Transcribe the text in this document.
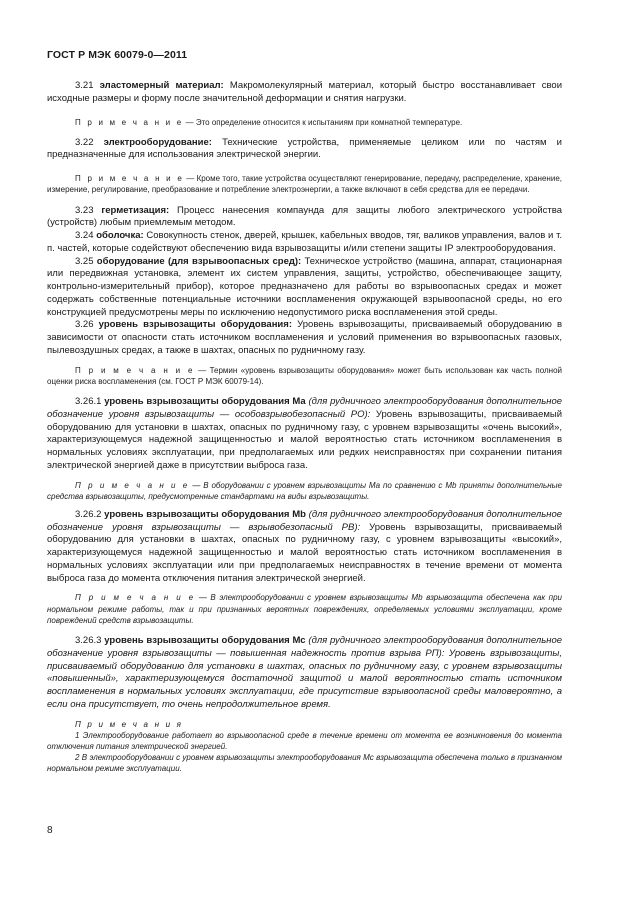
ГОСТ Р МЭК 60079-0—2011

3.21 эластомерный материал: Макромолекулярный материал, который быстро восстанавливает свои исходные размеры и форму после значительной деформации и снятия нагрузки.

П р и м е ч а н и е — Это определение относится к испытаниям при комнатной температуре.

3.22 электрооборудование: Технические устройства, применяемые целиком или по частям и предназначенные для использования электрической энергии.

П р и м е ч а н и е — Кроме того, такие устройства осуществляют генерирование, передачу, распределение, хранение, измерение, регулирование, преобразование и потребление электроэнергии, а также включают в себя средства для ее передачи.

3.23 герметизация: Процесс нанесения компаунда для защиты любого электрического устройства (устройств) любым приемлемым методом.

3.24 оболочка: Совокупность стенок, дверей, крышек, кабельных вводов, тяг, валиков управления, валов и т. п. частей, которые содействуют обеспечению вида взрывозащиты и/или степени защиты IP электрооборудования.

3.25 оборудование (для взрывоопасных сред): Техническое устройство (машина, аппарат, стационарная или передвижная установка, элемент их систем управления, защиты, устройство, обеспечивающее защиту, контрольно-измерительный прибор), которое предназначено для работы во взрывоопасных средах и может содержать собственные потенциальные источники воспламенения окружающей взрывоопасной среды, но его конструкцией предусмотрены меры по исключению недопустимого риска воспламенения этой среды.

3.26 уровень взрывозащиты оборудования: Уровень взрывозащиты, присваиваемый оборудованию в зависимости от опасности стать источником воспламенения и условий применения во взрывоопасных газовых, пылевоздушных средах, а также в шахтах, опасных по рудничному газу.

П р и м е ч а н и е — Термин «уровень взрывозащиты оборудования» может быть использован как часть полной оценки риска воспламенения (см. ГОСТ Р МЭК 60079-14).

3.26.1 уровень взрывозащиты оборудования Ма (для рудничного электрооборудования дополнительное обозначение уровня взрывозащиты — особовзрывобезопасный РО): Уровень взрывозащиты, присваиваемый оборудованию для установки в шахтах, опасных по рудничному газу, с уровнем взрывозащиты «очень высокий», характеризующемуся надежной защищенностью и малой вероятностью стать источником воспламенения в нормальных условиях эксплуатации, при предполагаемых или редких неисправностях при сохранении питания электрической энергией даже в присутствии выброса газа.

П р и м е ч а н и е — В оборудовании с уровнем взрывозащиты Ма по сравнению с Мb приняты дополнительные средства взрывозащиты, предусмотренные стандартами на виды взрывозащиты.

3.26.2 уровень взрывозащиты оборудования Mb (для рудничного электрооборудования дополнительное обозначение уровня взрывозащиты — взрывобезопасный РВ): Уровень взрывозащиты, присваиваемый оборудованию для установки в шахтах, опасных по рудничному газу, с уровнем взрывозащиты «высокий», характеризующемуся надежной защищенностью и малой вероятностью стать источником воспламенения в нормальных условиях эксплуатации или при предполагаемых неисправностях в течение времени от момента выброса газа до момента отключения питания электрической энергией.

П р и м е ч а н и е — В электрооборудовании с уровнем взрывозащиты Mb взрывозащита обеспечена как при нормальном режиме работы, так и при признанных вероятных повреждениях, определяемых условиями эксплуатации, кроме повреждений средств взрывозащиты.

3.26.3 уровень взрывозащиты оборудования Мс (для рудничного электрооборудования дополнительное обозначение уровня взрывозащиты — повышенная надежность против взрыва РП): Уровень взрывозащиты, присваиваемый оборудованию для установки в шахтах, опасных по рудничному газу, с уровнем взрывозащиты «повышенный», характеризующемуся достаточной защитой и малой вероятностью стать источником воспламенения в нормальных условиях эксплуатации, где присутствие взрывоопасной среды маловероятно, а если она присутствует, то очень непродолжительное время.

П р и м е ч а н и я

1 Электрооборудование работает во взрывоопасной среде в течение времени от момента ее возникновения до момента отключения питания электрической энергией.

2 В электрооборудовании с уровнем взрывозащиты электрооборудования Мс взрывозащита обеспечена только в признанном нормальном режиме эксплуатации.

8
